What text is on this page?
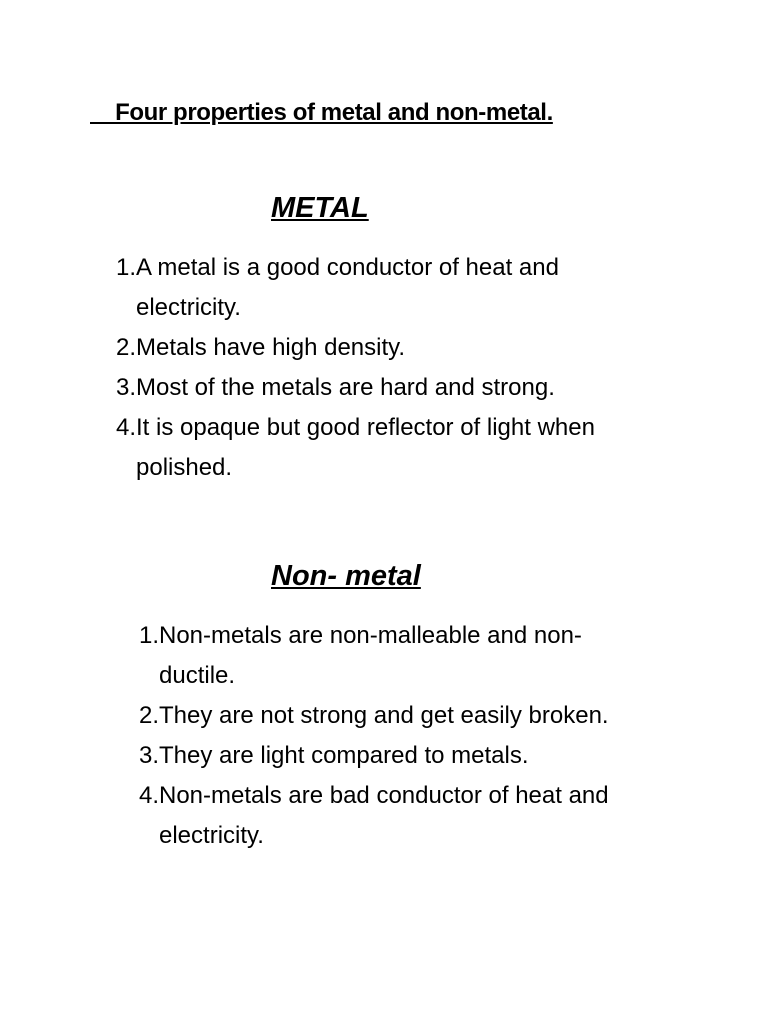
Four properties of metal and non-metal.
METAL
1. A metal is a good conductor of heat and electricity.
2. Metals have high density.
3. Most of the metals are hard and strong.
4. It is opaque but good reflector of light when polished.
Non- metal
1. Non-metals are non-malleable and non-ductile.
2. They are not strong and get easily broken.
3. They are light compared to metals.
4. Non-metals are bad conductor of heat and electricity.
